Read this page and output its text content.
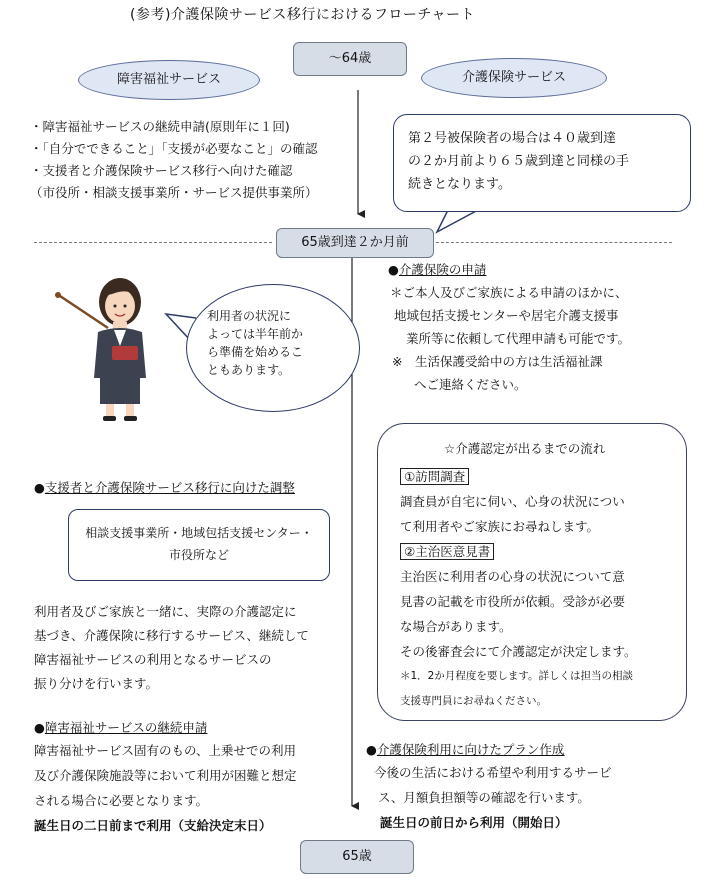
(参考)介護保険サービス移行におけるフローチャート
～64歳
障害福祉サービス	介護保険サービス
・障害福祉サービスの継続申請(原則年に１回)
・「自分でできること」「支援が必要なこと」の確認
・支援者と介護保険サービス移行へ向けた確認
（市役所・相談支援事業所・サービス提供事業所）
第２号被保険者の場合は４０歳到達
の２か月前より６５歳到達と同様の手
続きとなります。
65歳到達２か月前
利用者の状況に
よっては半年前か
ら準備を始めるこ
ともあります。
●介護保険の申請
＊ご本人及びご家族による申請のほかに、
地域包括支援センターや居宅介護支援事
業所等に依頼して代理申請も可能です。
※　生活保護受給中の方は生活福祉課
へご連絡ください。
☆介護認定が出るまでの流れ
①訪問調査
調査員が自宅に伺い、心身の状況につい
て利用者やご家族にお尋ねします。
②主治医意見書
主治医に利用者の心身の状況について意
見書の記載を市役所が依頼。受診が必要
な場合があります。
その後審査会にて介護認定が決定します。
＊1．2か月程度を要します。詳しくは担当の相談
支援専門員にお尋ねください。
●支援者と介護保険サービス移行に向けた調整
相談支援事業所・地域包括支援センター・
市役所など
利用者及びご家族と一緒に、実際の介護認定に
基づき、介護保険に移行するサービス、継続して
障害福祉サービスの利用となるサービスの
振り分けを行います。
●障害福祉サービスの継続申請
障害福祉サービス固有のもの、上乗せでの利用
及び介護保険施設等において利用が困難と想定
される場合に必要となります。
誕生日の二日前まで利用（支給決定末日）
●介護保険利用に向けたプラン作成
今後の生活における希望や利用するサービ
ス、月額負担額等の確認を行います。
誕生日の前日から利用（開始日）
65歳
